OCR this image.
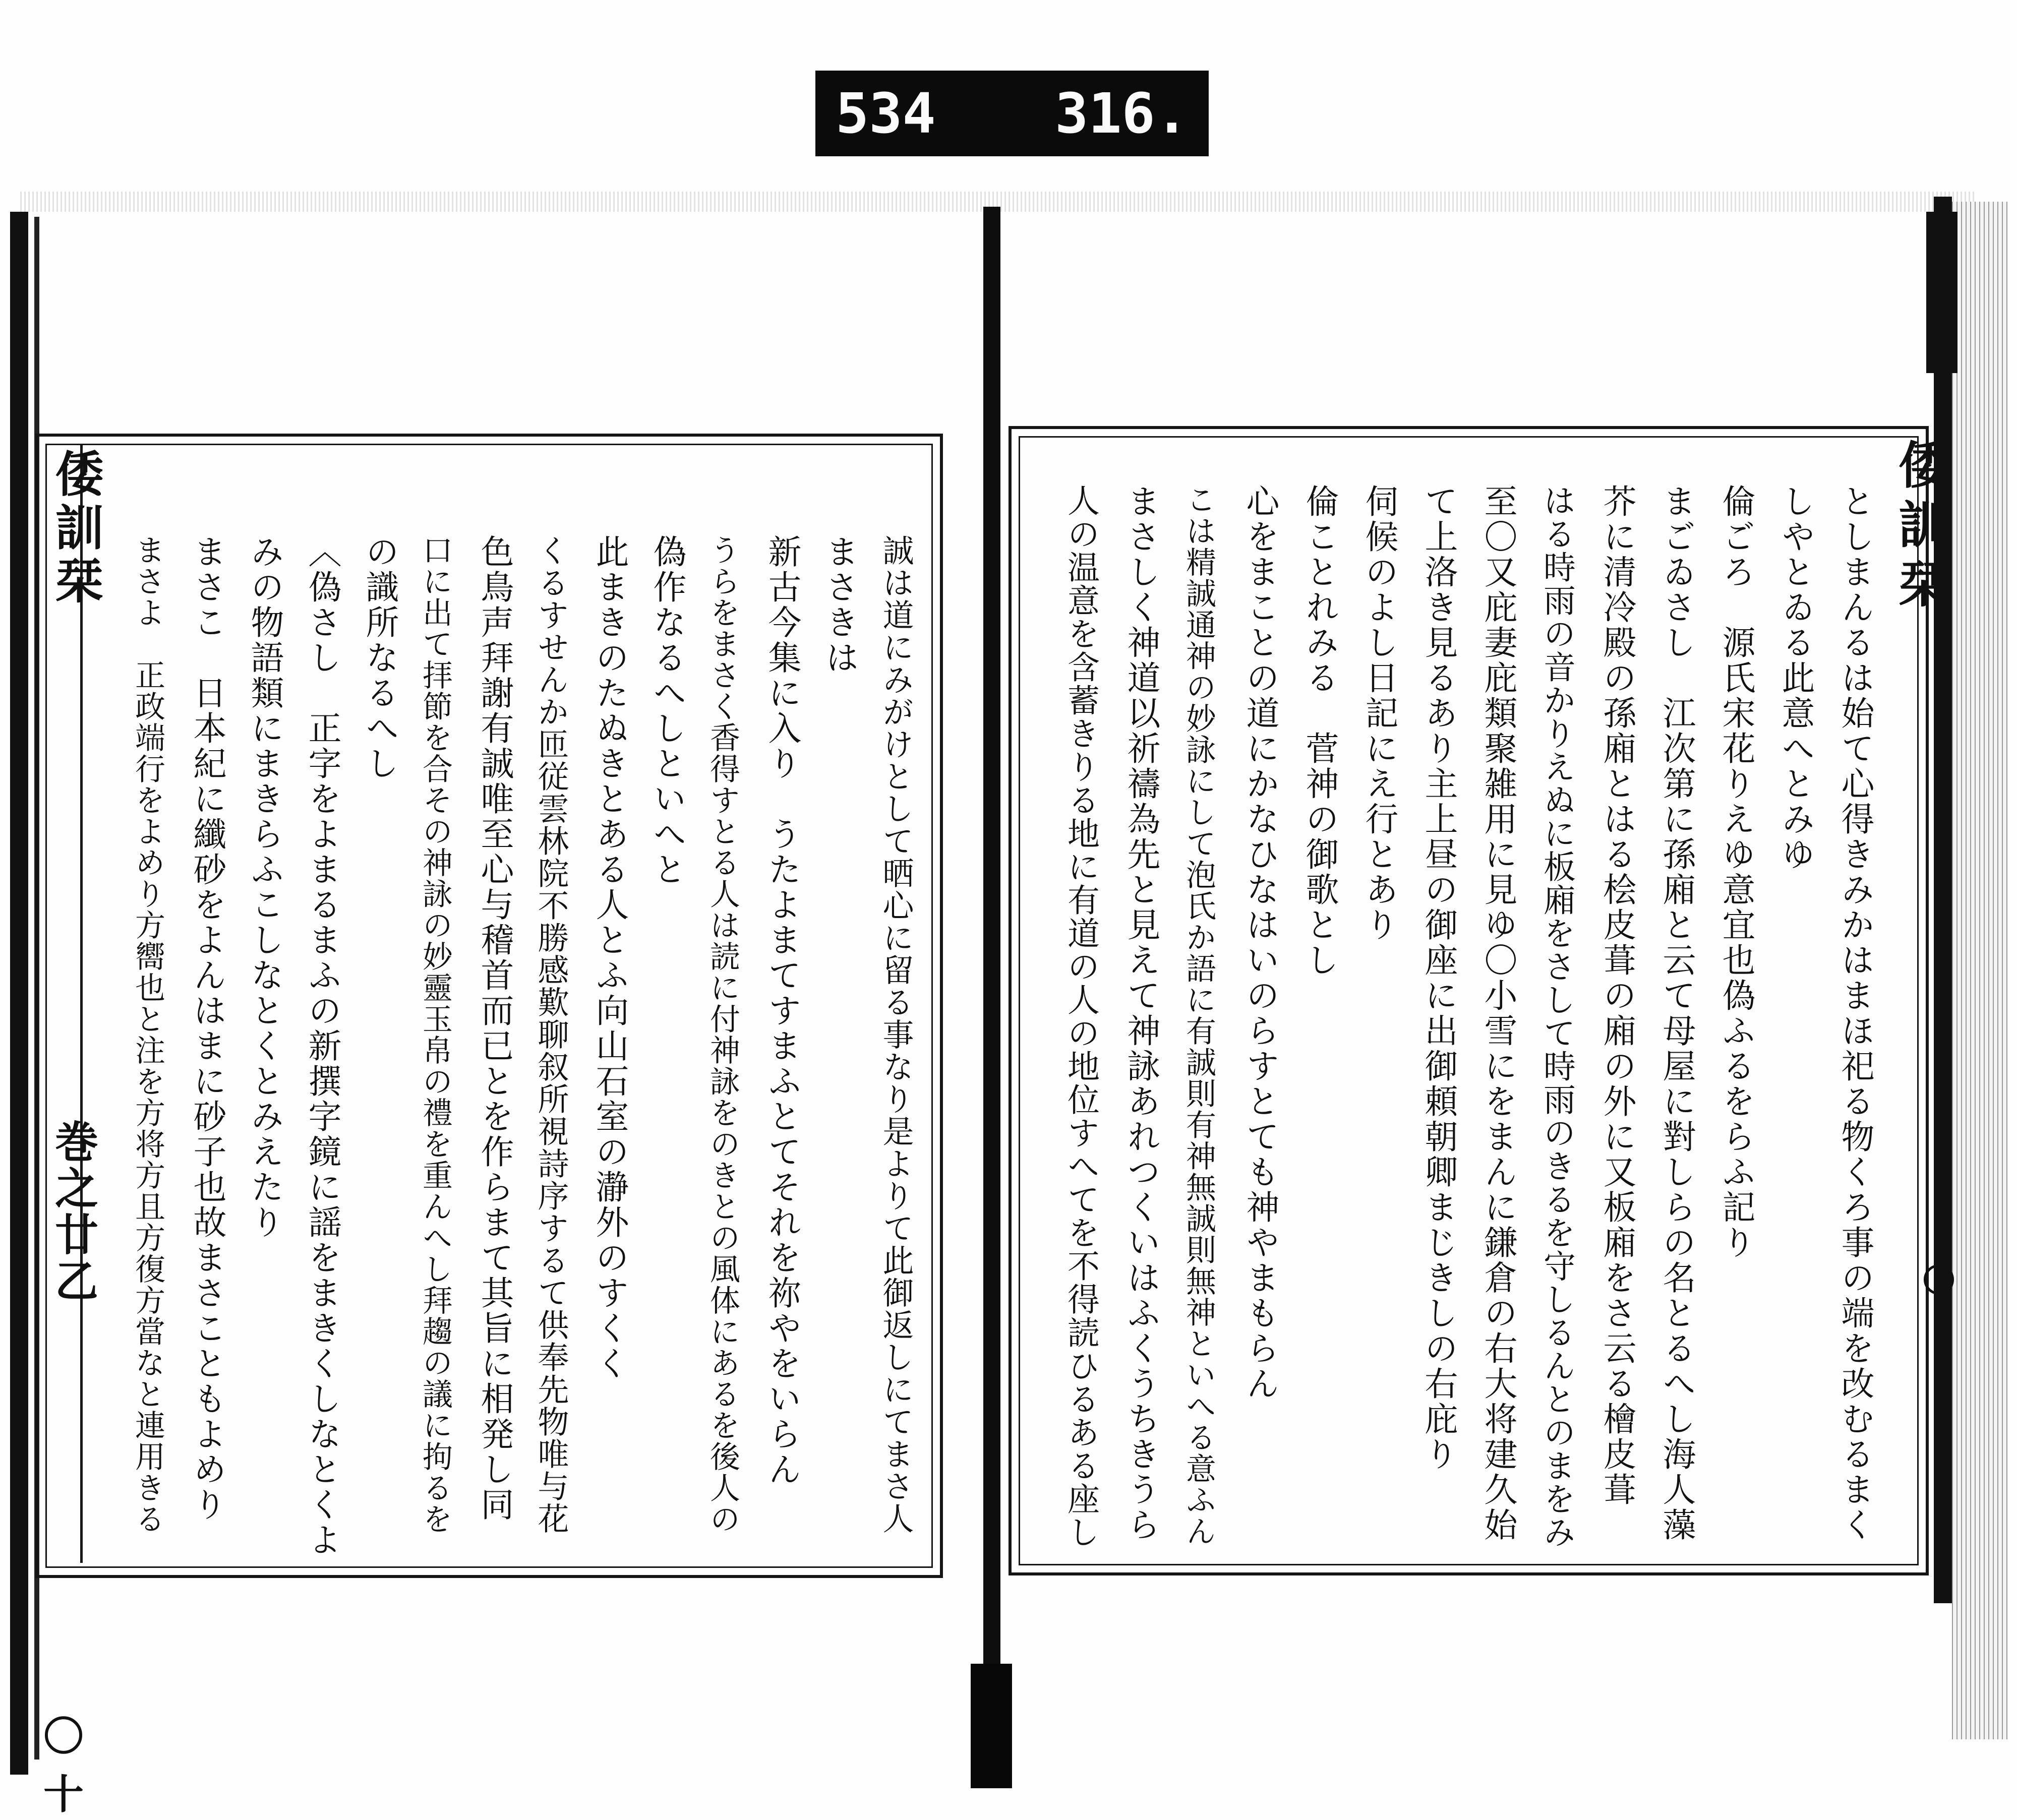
534 316.
倭訓栞
巻之廿乙
〇十
誠は道にみがけとして晒心に留る事なり是よりて此御返しにてまさ人
まさきは
新古今集に入り　うたよまてすまふとてそれを祢やをいらん
うらをまさく香得すとる人は読に付神詠をのきとの風体にあるを後人の
偽作なるへしといへと
此まきのたぬきとある人とふ向山石室の瀞外のすくく
くるすせんか匝従雲林院不勝感歎聊叙所視詩序するて供奉先物唯与花
色鳥声拜謝有誠唯至心与稽首而已とを作らまて其旨に相発し同
口に出て拝節を合その神詠の妙靈玉帛の禮を重んへし拜趨の議に拘るを
の識所なるへし
〈偽さし　正字をよまるまふの新撰字鏡に謡をまきくしなとくよ
みの物語類にまきらふこしなとくとみえたり
まさこ　日本紀に纖砂をよんはまに砂子也故まさこともよめり
まさよ　正政端行をよめり方嚮也と注を方将方且方復方當なと連用きる
倭訓栞
としまんるは始て心得きみかはまほ祀る物くろ事の端を改むるまく
しやとゐる此意へとみゆ
倫ごろ　源氏宋花りえゆ意宜也偽ふるをらふ記り
まごゐさし　江次第に孫廂と云て母屋に對しらの名とるへし海人藻
芥に清冷殿の孫廂とはる桧皮葺の廂の外に又板廂をさ云る檜皮葺
はる時雨の音かりえぬに板廂をさして時雨のきるを守しるんとのまをみ
至〇又庇妻庇類聚雑用に見ゆ〇小雪にをまんに鎌倉の右大将建久始
て上洛き見るあり主上昼の御座に出御頼朝卿まじきしの右庇り
伺候のよし日記にえ行とあり
倫ことれみる　菅神の御歌とし
心をまことの道にかなひなはいのらすとても神やまもらん
こは精誠通神の妙詠にして泡氏か語に有誠則有神無誠則無神といへる意ふん
まさしく神道以祈禱為先と見えて神詠あれつくいはふくうちきうら
人の温意を含蓄きりる地に有道の人の地位すへてを不得読ひるある座し
